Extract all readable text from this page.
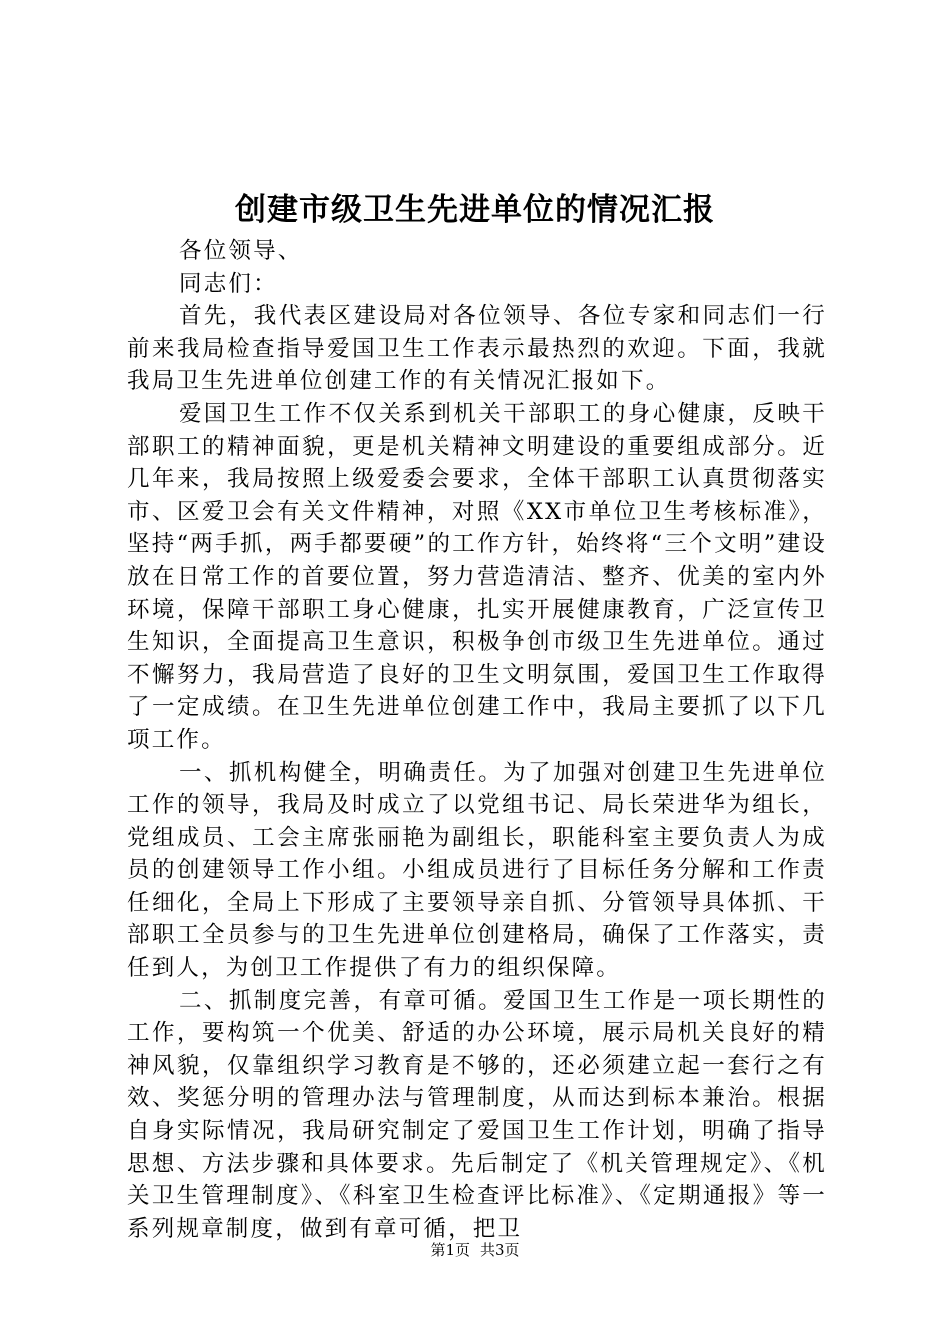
创建市级卫生先进单位的情况汇报

各位领导、

同志们：

首先，我代表区建设局对各位领导、各位专家和同志们一行前来我局检查指导爱国卫生工作表示最热烈的欢迎。下面，我就我局卫生先进单位创建工作的有关情况汇报如下。

爱国卫生工作不仅关系到机关干部职工的身心健康，反映干部职工的精神面貌，更是机关精神文明建设的重要组成部分。近几年来，我局按照上级爱委会要求，全体干部职工认真贯彻落实市、区爱卫会有关文件精神，对照《XX市单位卫生考核标准》，坚持“两手抓，两手都要硬”的工作方针，始终将“三个文明”建设放在日常工作的首要位置，努力营造清洁、整齐、优美的室内外环境，保障干部职工身心健康，扎实开展健康教育，广泛宣传卫生知识，全面提高卫生意识，积极争创市级卫生先进单位。通过不懈努力，我局营造了良好的卫生文明氛围，爱国卫生工作取得了一定成绩。在卫生先进单位创建工作中，我局主要抓了以下几项工作。

一、抓机构健全，明确责任。为了加强对创建卫生先进单位工作的领导，我局及时成立了以党组书记、局长荣进华为组长，党组成员、工会主席张丽艳为副组长，职能科室主要负责人为成员的创建领导工作小组。小组成员进行了目标任务分解和工作责任细化，全局上下形成了主要领导亲自抓、分管领导具体抓、干部职工全员参与的卫生先进单位创建格局，确保了工作落实，责任到人，为创卫工作提供了有力的组织保障。

二、抓制度完善，有章可循。爱国卫生工作是一项长期性的工作，要构筑一个优美、舒适的办公环境，展示局机关良好的精神风貌，仅靠组织学习教育是不够的，还必须建立起一套行之有效、奖惩分明的管理办法与管理制度，从而达到标本兼治。根据自身实际情况，我局研究制定了爱国卫生工作计划，明确了指导思想、方法步骤和具体要求。先后制定了《机关管理规定》、《机关卫生管理制度》、《科室卫生检查评比标准》、《定期通报》等一系列规章制度，做到有章可循，把卫

第1页 共3页
